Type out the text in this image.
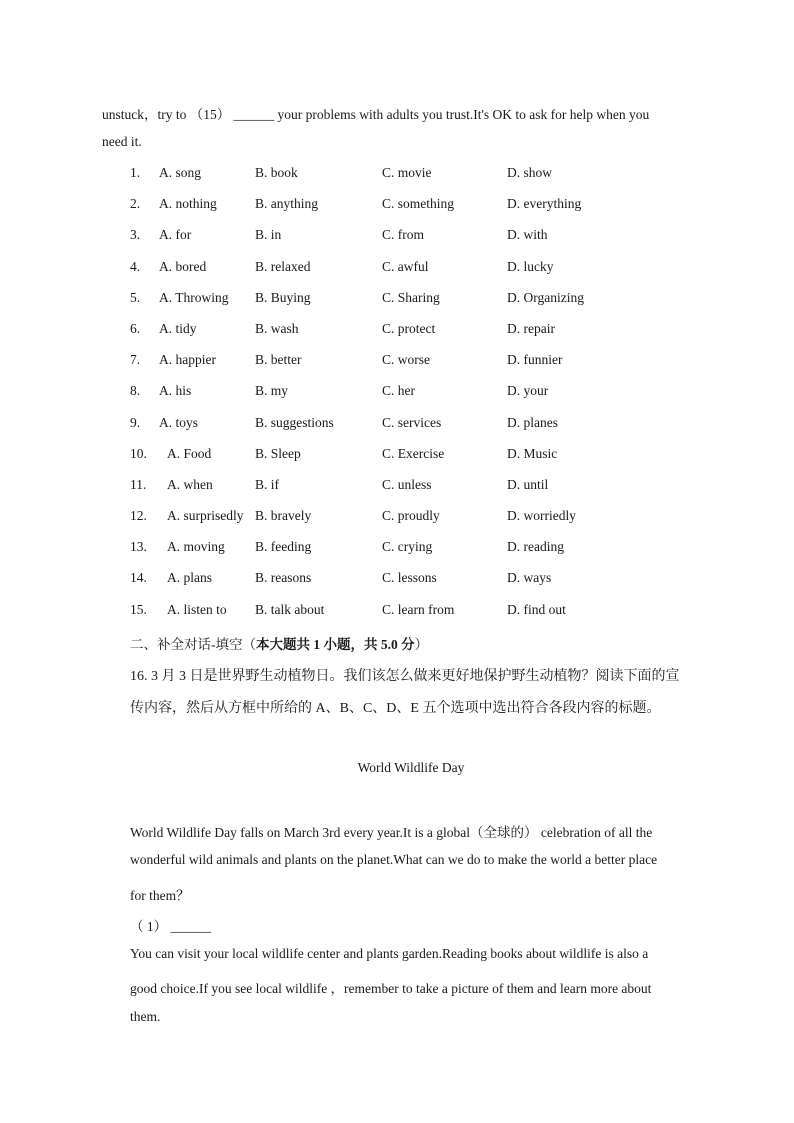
unstuck，try to （15） ______ your problems with adults you trust.It's OK to ask for help when you
need it.
1. A. song	B. book	C. movie	D. show
2. A. nothing	B. anything	C. something	D. everything
3. A. for	B. in	C. from	D. with
4. A. bored	B. relaxed	C. awful	D. lucky
5. A. Throwing B. Buying	C. Sharing	D. Organizing
6. A. tidy	B. wash	C. protect	D. repair
7. A. happier	B. better	C. worse	D. funnier
8. A. his	B. my	C. her	D. your
9. A. toys	B. suggestions	C. services	D. planes
10. A. Food	B. Sleep	C. Exercise	D. Music
11. A. when	B. if	C. unless	D. until
12. A. surprisedly B. bravely	C. proudly	D. worriedly
13. A. moving B. feeding	C. crying	D. reading
14. A. plans	B. reasons	C. lessons	D. ways
15. A. listen to B. talk about	C. learn from	D. find out
二、补全对话-填空（本大题共 1 小题，共 5.0 分）
16. 3 月 3 日是世界野生动植物日。我们该怎么做来更好地保护野生动植物？阅读下面的宣
传内容，然后从方框中所给的 A、B、C、D、E 五个选项中选出符合各段内容的标题。
World Wildlife Day
World Wildlife Day falls on March 3rd every year.It is a global（全球的） celebration of all the
wonderful wild animals and plants on the planet.What can we do to make the world a better place
for them？
（ 1） ______
You can visit your local wildlife center and plants garden.Reading books about wildlife is also a
good choice.If you see local wildlife ，remember to take a picture of them and learn more about
them.
